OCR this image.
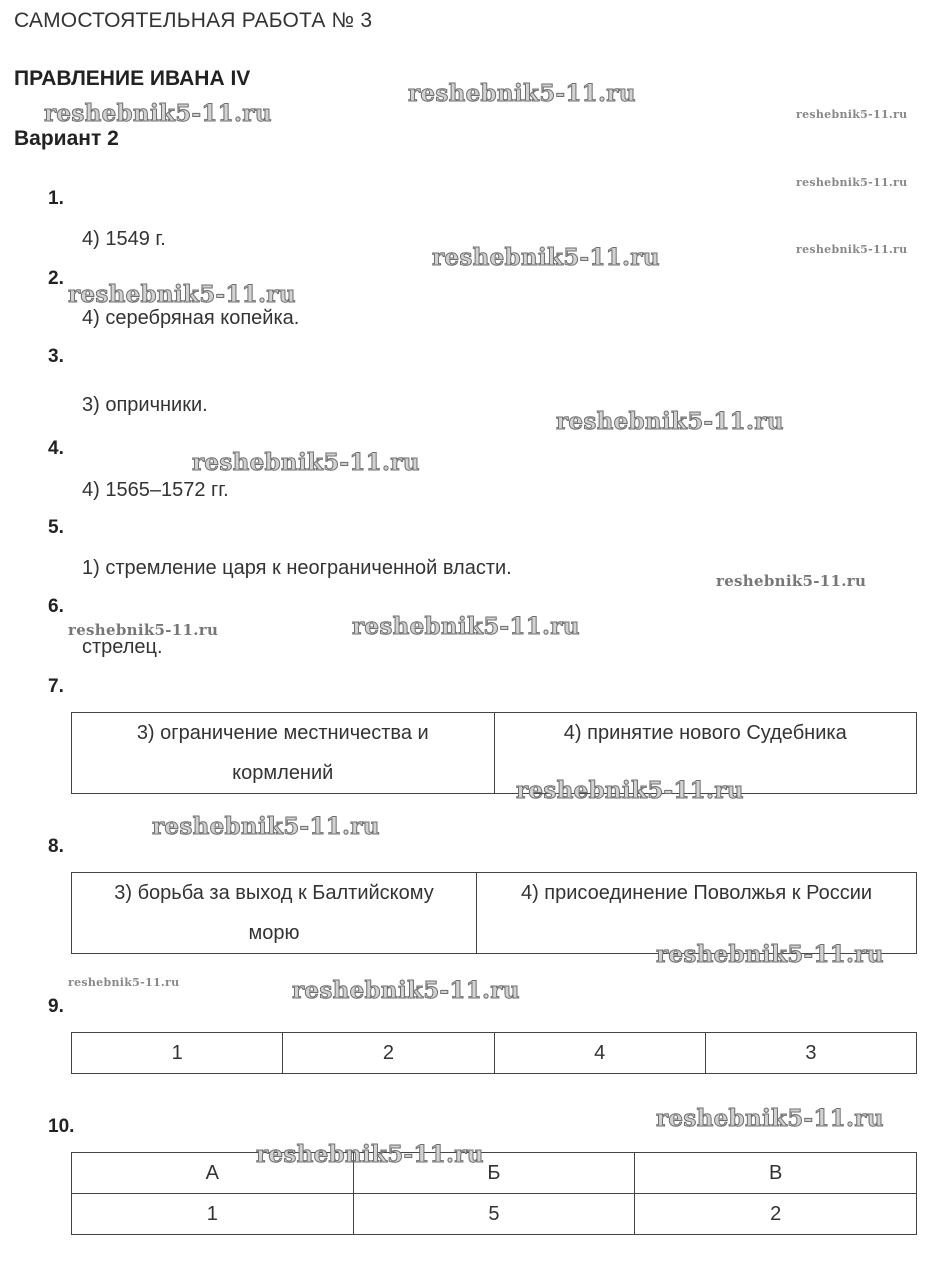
САМОСТОЯТЕЛЬНАЯ РАБОТА № 3
ПРАВЛЕНИЕ ИВАНА IV
Вариант 2
1.
4) 1549 г.
2.
4) серебряная копейка.
3.
3) опричники.
4.
4) 1565–1572 гг.
5.
1) стремление царя к неограниченной власти.
6.
стрелец.
7.
3) ограничение местничества и кормлений	4) принятие нового Судебника
8.
3) борьба за выход к Балтийскому морю	4) присоединение Поволжья к России
9.
1	2	4	3
10.
А	Б	В
1	5	2
reshebnik5-11.ru
reshebnik5-11.ru	reshebnik5-11.ru
reshebnik5-11.ru
reshebnik5-11.ru
reshebnik5-11.ru
reshebnik5-11.ru
reshebnik5-11.ru
reshebnik5-11.ru
reshebnik5-11.ru
reshebnik5-11.ru
reshebnik5-11.ru
reshebnik5-11.ru
reshebnik5-11.ru
reshebnik5-11.ru
reshebnik5-11.ru	reshebnik5-11.ru
reshebnik5-11.ru
reshebnik5-11.ru
